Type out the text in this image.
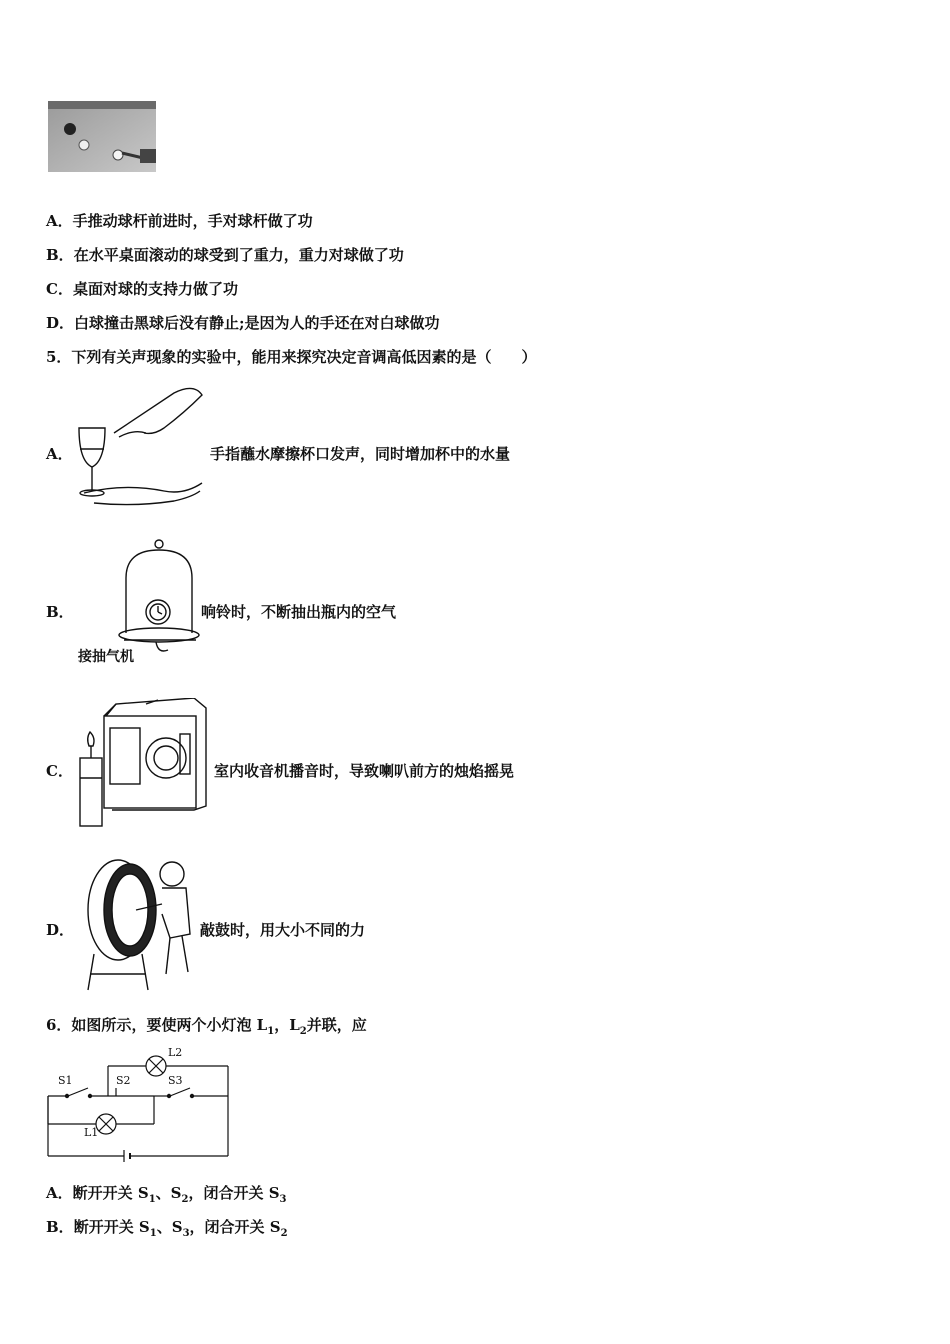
A．手推动球杆前进时，手对球杆做了功
B．在水平桌面滚动的球受到了重力，重力对球做了功
C．桌面对球的支持力做了功
D．白球撞击黑球后没有静止;是因为人的手还在对白球做功
5．下列有关声现象的实验中，能用来探究决定音调高低因素的是（　　）
A．	手指蘸水摩擦杯口发声，同时增加杯中的水量
接抽气机
B．	响铃时，不断抽出瓶内的空气
C．	室内收音机播音时，导致喇叭前方的烛焰摇晃
D．	敲鼓时，用大小不同的力
6．如图所示，要使两个小灯泡 $L_1$，$L_2$并联，应
S1	S2	S3
L1
L2
A．断开开关 $S_1$、$S_2$，闭合开关 $S_3$
B．断开开关 $S_1$、$S_3$，闭合开关 $S_2$
